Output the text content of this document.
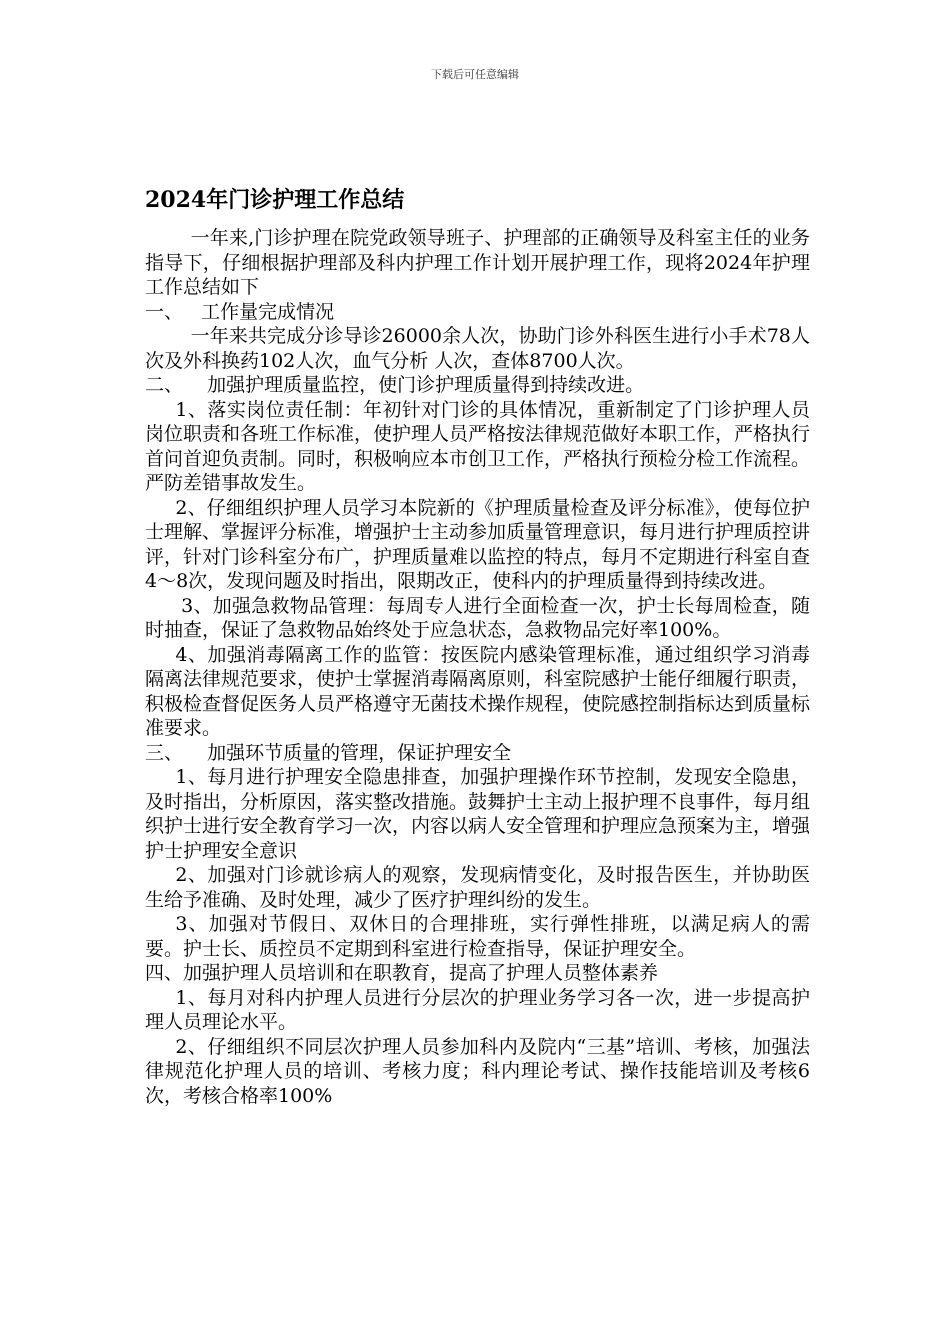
下载后可任意编辑
2024年门诊护理工作总结

一年来,门诊护理在院党政领导班子、护理部的正确领导及科室主任的业务指导下，仔细根据护理部及科内护理工作计划开展护理工作，现将2024年护理工作总结如下

一、   工作量完成情况

一年来共完成分诊导诊26000余人次，协助门诊外科医生进行小手术78人次及外科换药102人次，血气分析 人次，查体8700人次。

二、    加强护理质量监控，使门诊护理质量得到持续改进。

1、落实岗位责任制：年初针对门诊的具体情况，重新制定了门诊护理人员岗位职责和各班工作标准，使护理人员严格按法律规范做好本职工作，严格执行首问首迎负责制。同时，积极响应本市创卫工作，严格执行预检分检工作流程。严防差错事故发生。

2、仔细组织护理人员学习本院新的《护理质量检查及评分标准》，使每位护士理解、掌握评分标准，增强护士主动参加质量管理意识，每月进行护理质控讲评，针对门诊科室分布广，护理质量难以监控的特点，每月不定期进行科室自查4～8次，发现问题及时指出，限期改正，使科内的护理质量得到持续改进。

3、加强急救物品管理：每周专人进行全面检查一次，护士长每周检查，随时抽查，保证了急救物品始终处于应急状态，急救物品完好率100%。

4、加强消毒隔离工作的监管：按医院内感染管理标准，通过组织学习消毒隔离法律规范要求，使护士掌握消毒隔离原则，科室院感护士能仔细履行职责，积极检查督促医务人员严格遵守无菌技术操作规程，使院感控制指标达到质量标准要求。

三、    加强环节质量的管理，保证护理安全

1、每月进行护理安全隐患排查，加强护理操作环节控制，发现安全隐患，及时指出，分析原因，落实整改措施。鼓舞护士主动上报护理不良事件，每月组织护士进行安全教育学习一次，内容以病人安全管理和护理应急预案为主，增强护士护理安全意识

2、加强对门诊就诊病人的观察，发现病情变化，及时报告医生，并协助医生给予准确、及时处理，减少了医疗护理纠纷的发生。

3、加强对节假日、双休日的合理排班，实行弹性排班，以满足病人的需要。护士长、质控员不定期到科室进行检查指导，保证护理安全。

四、加强护理人员培训和在职教育，提高了护理人员整体素养

1、每月对科内护理人员进行分层次的护理业务学习各一次，进一步提高护理人员理论水平。

2、仔细组织不同层次护理人员参加科内及院内“三基”培训、考核，加强法律规范化护理人员的培训、考核力度；科内理论考试、操作技能培训及考核6次，考核合格率100%
